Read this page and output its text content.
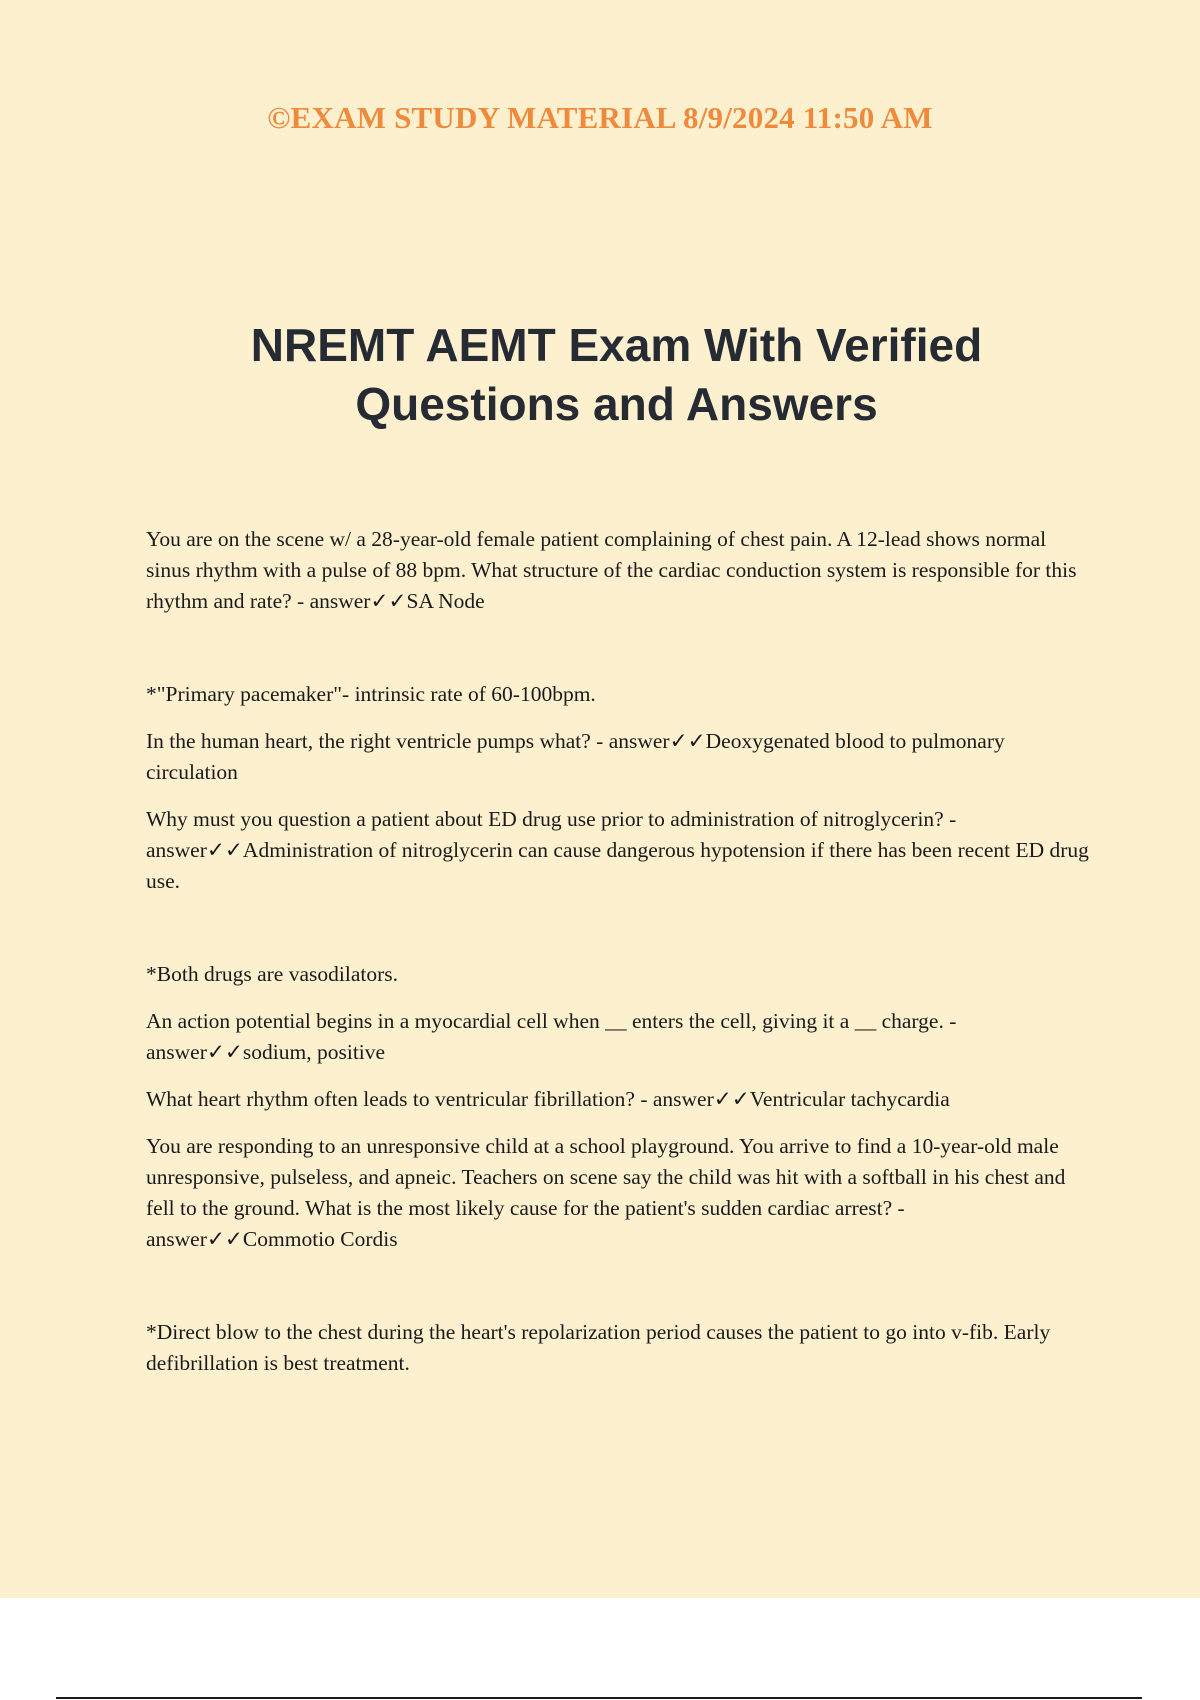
©EXAM STUDY MATERIAL 8/9/2024 11:50 AM
NREMT AEMT Exam With Verified
Questions and Answers

You are on the scene w/ a 28-year-old female patient complaining of chest pain. A 12-lead shows normal sinus rhythm with a pulse of 88 bpm. What structure of the cardiac conduction system is responsible for this rhythm and rate? - answer✓✓SA Node

*"Primary pacemaker"- intrinsic rate of 60-100bpm.

In the human heart, the right ventricle pumps what? - answer✓✓Deoxygenated blood to pulmonary circulation

Why must you question a patient about ED drug use prior to administration of nitroglycerin? - answer✓✓Administration of nitroglycerin can cause dangerous hypotension if there has been recent ED drug use.

*Both drugs are vasodilators.

An action potential begins in a myocardial cell when __ enters the cell, giving it a __ charge. - answer✓✓sodium, positive

What heart rhythm often leads to ventricular fibrillation? - answer✓✓Ventricular tachycardia

You are responding to an unresponsive child at a school playground. You arrive to find a 10-year-old male unresponsive, pulseless, and apneic. Teachers on scene say the child was hit with a softball in his chest and fell to the ground. What is the most likely cause for the patient's sudden cardiac arrest? - answer✓✓Commotio Cordis

*Direct blow to the chest during the heart's repolarization period causes the patient to go into v-fib. Early defibrillation is best treatment.
